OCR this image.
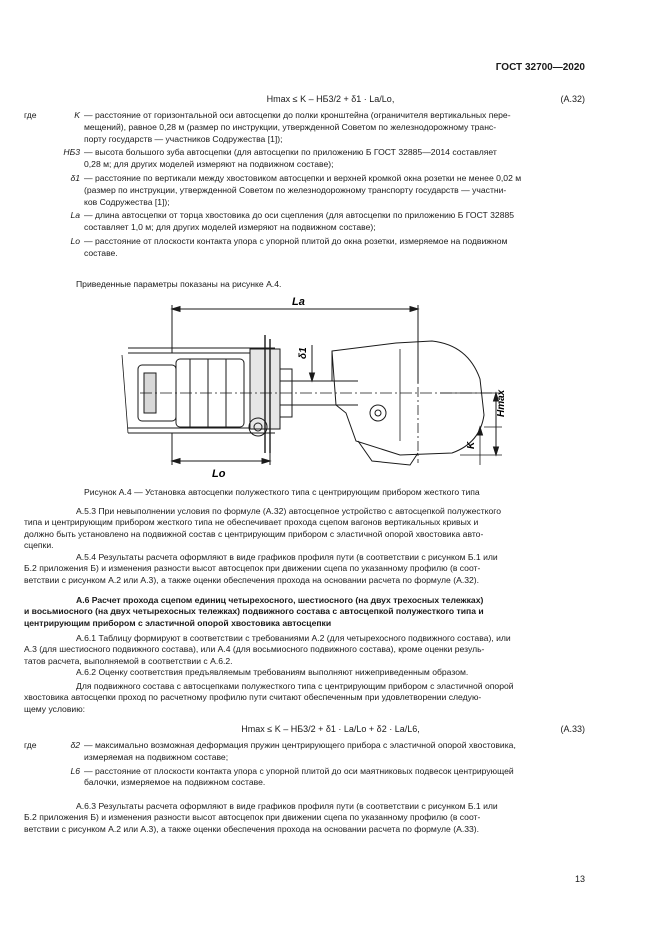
ГОСТ 32700—2020
Hmax ≤ K – HБ3/2 + δ1 · Lа/Lо,	(А.32)
где	K — расстояние от горизонтальной оси автосцепки до полки кронштейна (ограничителя вертикальных пере-
мещений), равное 0,28 м (размер по инструкции, утвержденной Советом по железнодорожному транс-
порту государств — участников Содружества [1]);
HБ3 — высота большого зуба автосцепки (для автосцепки по приложению Б ГОСТ 32885—2014 составляет
0,28 м; для других моделей измеряют на подвижном составе);
δ1 — расстояние по вертикали между хвостовиком автосцепки и верхней кромкой окна розетки не менее 0,02 м
(размер по инструкции, утвержденной Советом по железнодорожному транспорту государств — участни-
ков Содружества [1]);
Lа — длина автосцепки от торца хвостовика до оси сцепления (для автосцепки по приложению Б ГОСТ 32885
составляет 1,0 м; для других моделей измеряют на подвижном составе);
Lо — расстояние от плоскости контакта упора с упорной плитой до окна розетки, измеряемое на подвижном
составе.
Приведенные параметры показаны на рисунке А.4.
Lа
Lо
δ1
Hmax
K
Рисунок А.4 — Установка автосцепки полужесткого типа с центрирующим прибором жесткого типа
А.5.3 При невыполнении условия по формуле (А.32) автосцепное устройство с автосцепкой полужесткого
типа и центрирующим прибором жесткого типа не обеспечивает прохода сцепом вагонов вертикальных кривых и
должно быть установлено на подвижной состав с центрирующим прибором с эластичной опорой хвостовика авто-
сцепки.
А.5.4 Результаты расчета оформляют в виде графиков профиля пути (в соответствии с рисунком Б.1 или
Б.2 приложения Б) и изменения разности высот автосцепок при движении сцепа по указанному профилю (в соот-
ветствии с рисунком А.2 или А.3), а также оценки обеспечения прохода на основании расчета по формуле (А.32).
А.6 Расчет прохода сцепом единиц четырехосного, шестиосного (на двух трехосных тележках)
и восьмиосного (на двух четырехосных тележках) подвижного состава с автосцепкой полужесткого типа и
центрирующим прибором с эластичной опорой хвостовика автосцепки
А.6.1 Таблицу формируют в соответствии с требованиями А.2 (для четырехосного подвижного состава), или
А.3 (для шестиосного подвижного состава), или А.4 (для восьмиосного подвижного состава), кроме оценки резуль-
татов расчета, выполняемой в соответствии с А.6.2.
А.6.2 Оценку соответствия предъявляемым требованиям выполняют нижеприведенным образом.
Для подвижного состава с автосцепками полужесткого типа с центрирующим прибором с эластичной опорой
хвостовика автосцепки проход по расчетному профилю пути считают обеспеченным при удовлетворении следую-
щему условию:
Hmax ≤ K – HБ3/2 + δ1 · Lа/Lо + δ2 · Lа/L6,	(А.33)
где	δ2 — максимально возможная деформация пружин центрирующего прибора с эластичной опорой хвостовика,
измеряемая на подвижном составе;
L6 — расстояние от плоскости контакта упора с упорной плитой до оси маятниковых подвесок центрирующей
балочки, измеряемое на подвижном составе.
А.6.3 Результаты расчета оформляют в виде графиков профиля пути (в соответствии с рисунком Б.1 или
Б.2 приложения Б) и изменения разности высот автосцепок при движении сцепа по указанному профилю (в соот-
ветствии с рисунком А.2 или А.3), а также оценки обеспечения прохода на основании расчета по формуле (А.33).
13
